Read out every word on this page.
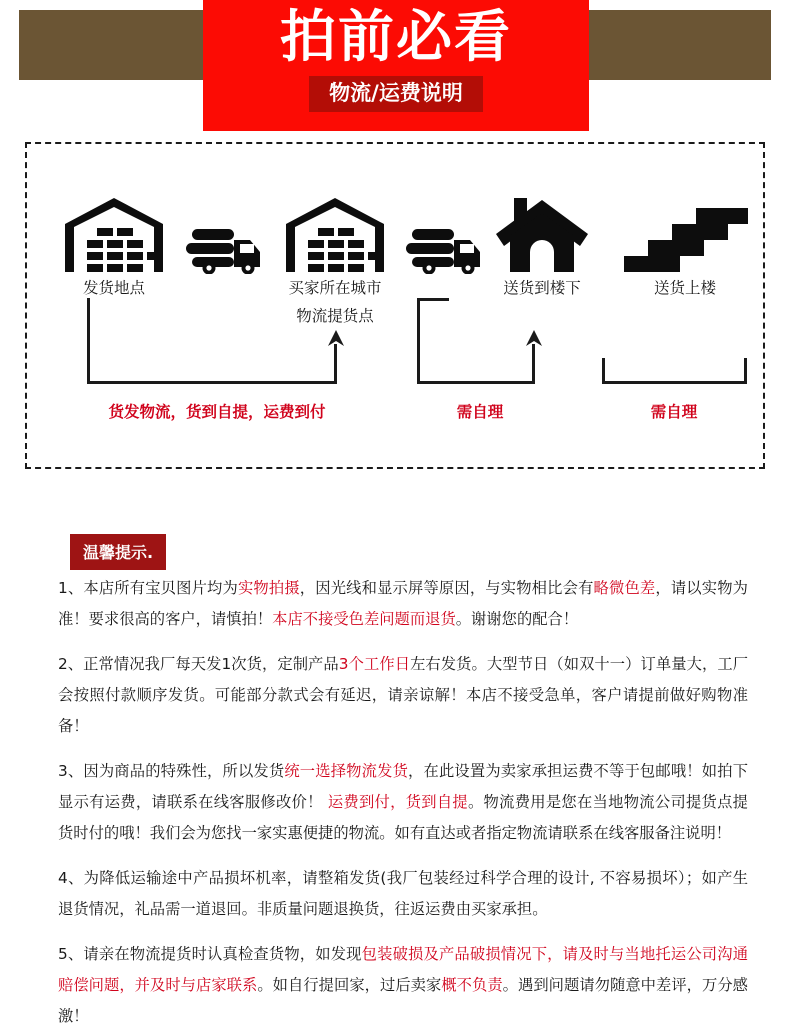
拍前必看
物流/运费说明
发货地点	买家所在城市
物流提货点
送货到楼下	送货上楼
货发物流，货到自提，运费到付	需自理	需自理
温馨提示.
1、本店所有宝贝图片均为实物拍摄，因光线和显示屏等原因，与实物相比会有略微色差，请以实物为准！要求很高的客户，请慎拍！本店不接受色差问题而退货。谢谢您的配合！
2、正常情况我厂每天发1次货，定制产品3个工作日左右发货。大型节日（如双十一）订单量大，工厂会按照付款顺序发货。可能部分款式会有延迟，请亲谅解！本店不接受急单，客户请提前做好购物准备！
3、因为商品的特殊性，所以发货统一选择物流发货，在此设置为卖家承担运费不等于包邮哦！如拍下显示有运费，请联系在线客服修改价！ 运费到付，货到自提。物流费用是您在当地物流公司提货点提货时付的哦！我们会为您找一家实惠便捷的物流。如有直达或者指定物流请联系在线客服备注说明！
4、为降低运输途中产品损坏机率，请整箱发货(我厂包装经过科学合理的设计, 不容易损坏）；如产生退货情况，礼品需一道退回。非质量问题退换货，往返运费由买家承担。
5、请亲在物流提货时认真检查货物，如发现包装破损及产品破损情况下，请及时与当地托运公司沟通赔偿问题，并及时与店家联系。如自行提回家，过后卖家概不负责。遇到问题请勿随意中差评，万分感激！
